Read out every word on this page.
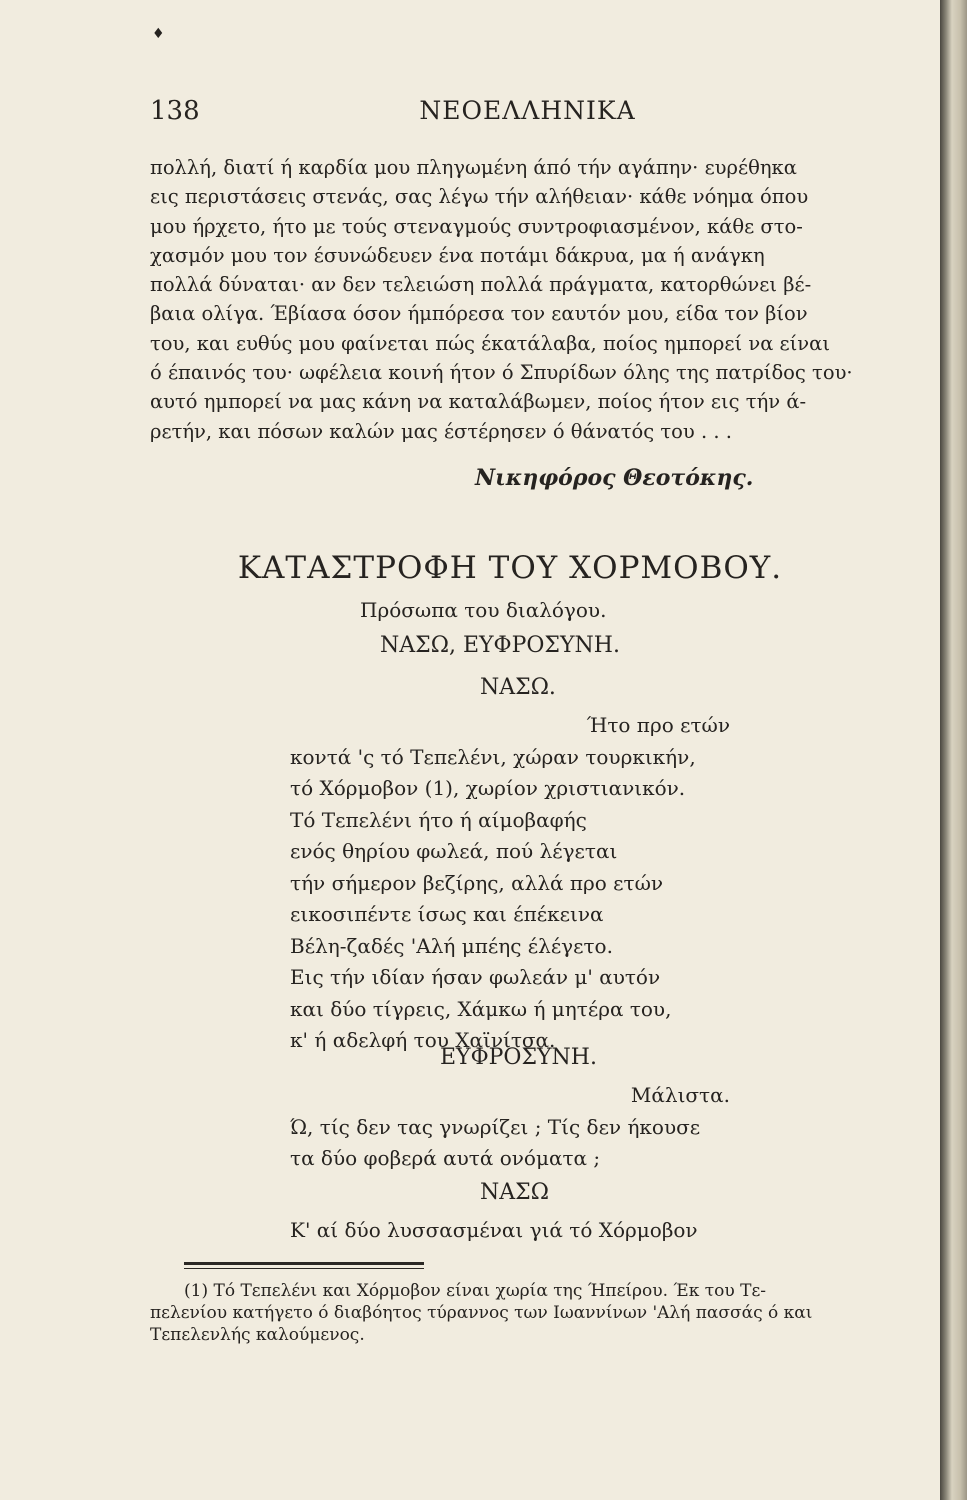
♦
138	ΝΕΟΕΛΛΗΝΙΚΑ
πολλή, διατί ή καρδία μου πληγωμένη άπό τήν αγάπην· ευρέθηκα
εις περιστάσεις στενάς, σας λέγω τήν αλήθειαν· κάθε νόημα όπου
μου ήρχετο, ήτο με τούς στεναγμούς συντροφιασμένον, κάθε στο-
χασμόν μου τον έσυνώδευεν ένα ποτάμι δάκρυα, μα ή ανάγκη
πολλά δύναται· αν δεν τελειώση πολλά πράγματα, κατορθώνει βέ-
βαια ολίγα. Έβίασα όσον ήμπόρεσα τον εαυτόν μου, είδα τον βίον
του, και ευθύς μου φαίνεται πώς έκατάλαβα, ποίος ημπορεί να είναι
ό έπαινός του· ωφέλεια κοινή ήτον ό Σπυρίδων όλης της πατρίδος του·
αυτό ημπορεί να μας κάνη να καταλάβωμεν, ποίος ήτον εις τήν ά-
ρετήν, και πόσων καλών μας έστέρησεν ό θάνατός του . . .
Νικηφόρος Θεοτόκης.
ΚΑΤΑΣΤΡΟΦΗ ΤΟΥ ΧΟΡΜΟΒΟΥ.
Πρόσωπα του διαλόγου.
ΝΑΣΩ, ΕΥΦΡΟΣΥΝΗ.
ΝΑΣΩ.
Ήτο προ ετών
κοντά 'ς τό Τεπελένι, χώραν τουρκικήν,
τό Χόρμοβον (1), χωρίον χριστιανικόν.
Τό Τεπελένι ήτο ή αίμοβαφής
ενός θηρίου φωλεά, πού λέγεται
τήν σήμερον βεζίρης, αλλά προ ετών
εικοσιπέντε ίσως και έπέκεινα
Βέλη-ζαδές 'Αλή μπέης έλέγετο.
Εις τήν ιδίαν ήσαν φωλεάν μ' αυτόν
και δύο τίγρεις, Χάμκω ή μητέρα του,
κ' ή αδελφή του Χαϊνίτσα.
ΕΥΦΡΟΣΥΝΗ.
Μάλιστα.
Ώ, τίς δεν τας γνωρίζει ; Τίς δεν ήκουσε
τα δύο φοβερά αυτά ονόματα ;
ΝΑΣΩ
Κ' αί δύο λυσσασμέναι γιά τό Χόρμοβον
(1) Τό Τεπελένι και Χόρμοβον είναι χωρία της Ήπείρου. Έκ του Τε-
πελενίου κατήγετο ό διαβόητος τύραννος των Ιωαννίνων 'Αλή πασσάς ό και
Τεπελενλής καλούμενος.
